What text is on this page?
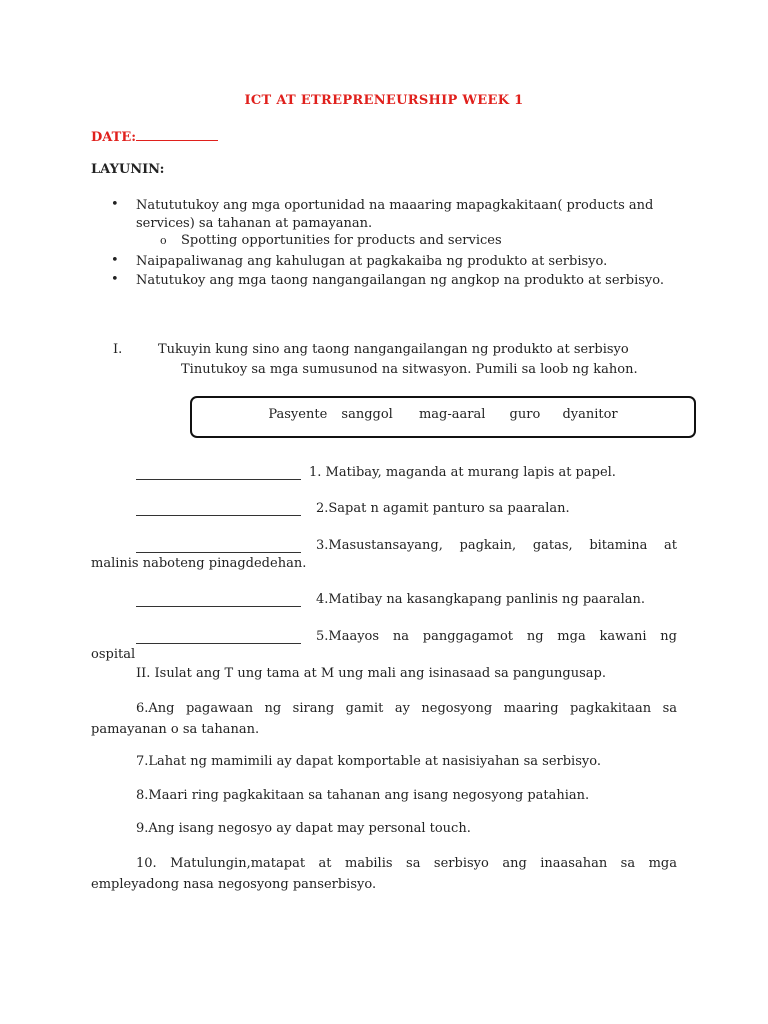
ICT AT ETREPRENEURSHIP WEEK 1
DATE:
LAYUNIN:
• Natututukoy ang mga oportunidad na maaaring mapagkakitaan( products and services) sa tahanan at pamayanan.
o Spotting opportunities for products and services
• Naipapaliwanag ang kahulugan at pagkakaiba ng produkto at serbisyo.
• Natutukoy ang mga taong nangangailangan ng angkop na produkto at serbisyo.
I.	Tukuyin kung sino ang taong nangangailangan ng produkto at serbisyo
Tinutukoy sa mga sumusunod na sitwasyon. Pumili sa loob ng kahon.
Pasyente sanggol mag-aaral guro dyanitor
1. Matibay, maganda at murang lapis at papel.
2.Sapat n agamit panturo sa paaralan.
3.Masustansayang, pagkain, gatas, bitamina at
malinis naboteng pinagdedehan.
4.Matibay na kasangkapang panlinis ng paaralan.
5.Maayos na panggagamot ng mga kawani ng
ospital
II. Isulat ang T ung tama at M ung mali ang isinasaad sa pangungusap.
6.Ang pagawaan ng sirang gamit ay negosyong maaring pagkakitaan sa pamayanan o sa tahanan.
7.Lahat ng mamimili ay dapat komportable at nasisiyahan sa serbisyo.
8.Maari ring pagkakitaan sa tahanan ang isang negosyong patahian.
9.Ang isang negosyo ay dapat may personal touch.
10. Matulungin,matapat at mabilis sa serbisyo ang inaasahan sa mga empleyadong nasa negosyong panserbisyo.
